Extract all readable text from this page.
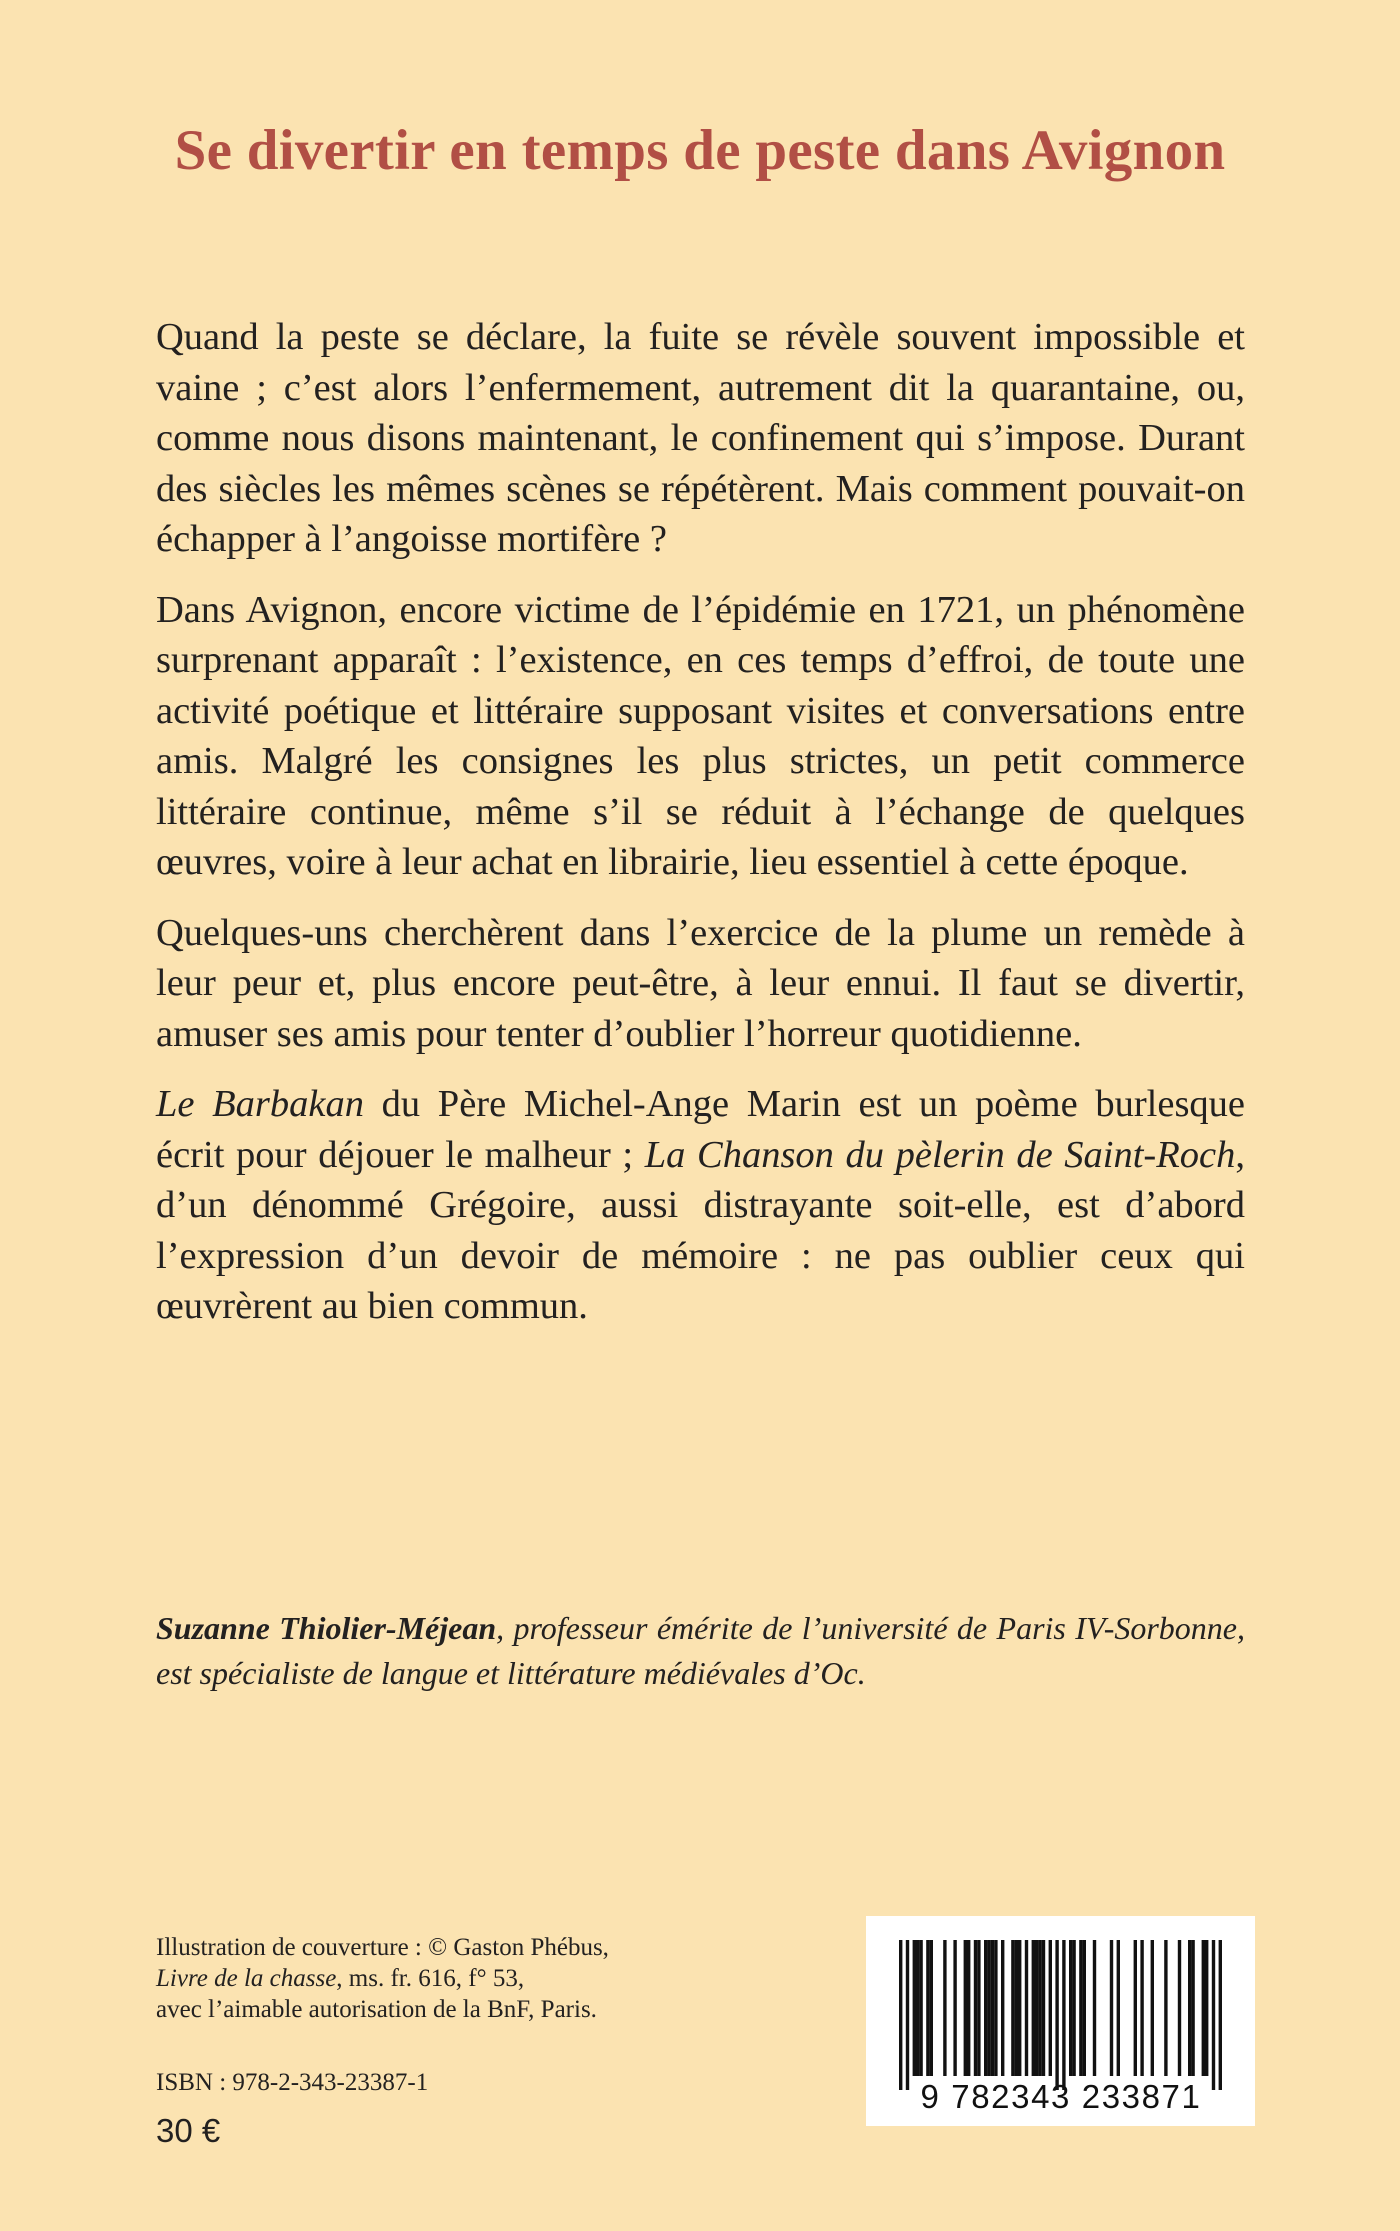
Se divertir en temps de peste dans Avignon

Quand la peste se déclare, la fuite se révèle souvent impossible et vaine ; c’est alors l’enfermement, autrement dit la quarantaine, ou, comme nous disons maintenant, le confinement qui s’impose. Durant des siècles les mêmes scènes se répétèrent. Mais comment pouvait-on échapper à l’angoisse mortifère ?

Dans Avignon, encore victime de l’épidémie en 1721, un phénomène surprenant apparaît : l’existence, en ces temps d’effroi, de toute une activité poétique et littéraire supposant visites et conversations entre amis. Malgré les consignes les plus strictes, un petit commerce littéraire continue, même s’il se réduit à l’échange de quelques œuvres, voire à leur achat en librairie, lieu essentiel à cette époque.

Quelques-uns cherchèrent dans l’exercice de la plume un remède à leur peur et, plus encore peut-être, à leur ennui. Il faut se divertir, amuser ses amis pour tenter d’oublier l’horreur quotidienne.

Le Barbakan du Père Michel-Ange Marin est un poème burlesque écrit pour déjouer le malheur ; La Chanson du pèlerin de Saint-Roch, d’un dénommé Grégoire, aussi distrayante soit-elle, est d’abord l’expression d’un devoir de mémoire : ne pas oublier ceux qui œuvrèrent au bien commun.

Suzanne Thiolier-Méjean, professeur émérite de l’université de Paris IV-Sorbonne, est spécialiste de langue et littérature médiévales d’Oc.
Illustration de couverture : © Gaston Phébus,
Livre de la chasse, ms. fr. 616, f° 53,
avec l’aimable autorisation de la BnF, Paris.
ISBN : 978-2-343-23387-1
30 €
9 782343 233871
